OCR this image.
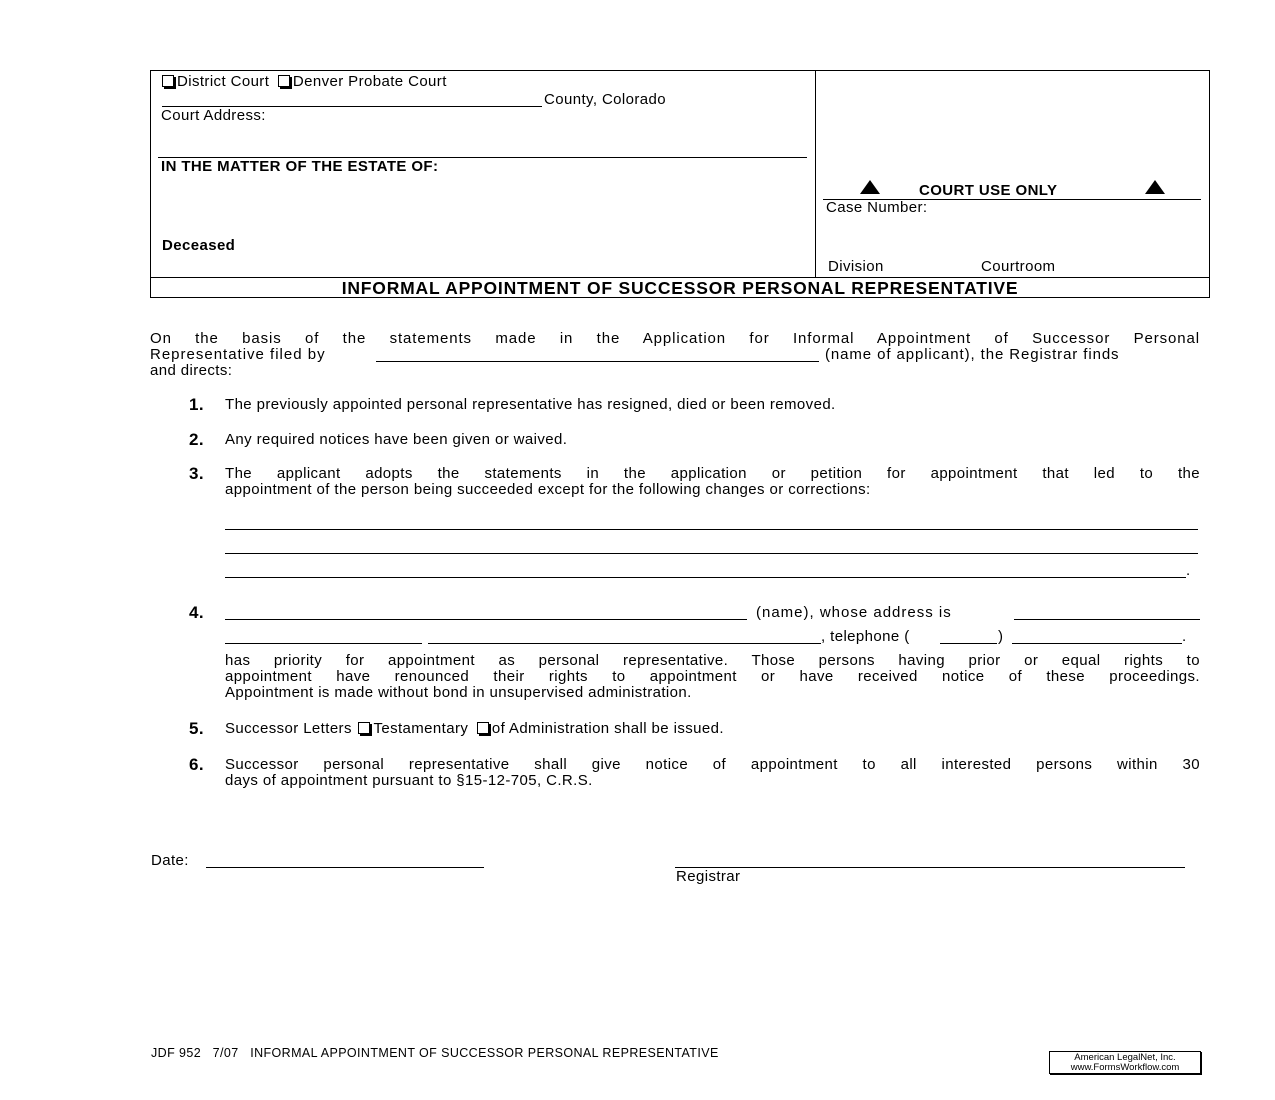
District Court Denver Probate Court
County, Colorado
Court Address:
IN THE MATTER OF THE ESTATE OF:
Deceased
COURT USE ONLY
Case Number:
Division	Courtroom
INFORMAL APPOINTMENT OF SUCCESSOR PERSONAL REPRESENTATIVE
On the basis of the statements made in the Application for Informal Appointment of Successor Personal
Representative filed by	(name of applicant), the Registrar finds
and directs:
1. The previously appointed personal representative has resigned, died or been removed.
2. Any required notices have been given or waived.
3. The applicant adopts the statements in the application or petition for appointment that led to the
appointment of the person being succeeded except for the following changes or corrections:
.
4.	(name), whose address is
, telephone (	)	.
has priority for appointment as personal representative. Those persons having prior or equal rights to
appointment have renounced their rights to appointment or have received notice of these proceedings.
Appointment is made without bond in unsupervised administration.
5. Successor Letters Testamentary of Administration shall be issued.
6. Successor personal representative shall give notice of appointment to all interested persons within 30
days of appointment pursuant to §15-12-705, C.R.S.
Date:
Registrar
JDF 952   7/07   INFORMAL APPOINTMENT OF SUCCESSOR PERSONAL REPRESENTATIVE	American LegalNet, Inc.
www.FormsWorkflow.com
